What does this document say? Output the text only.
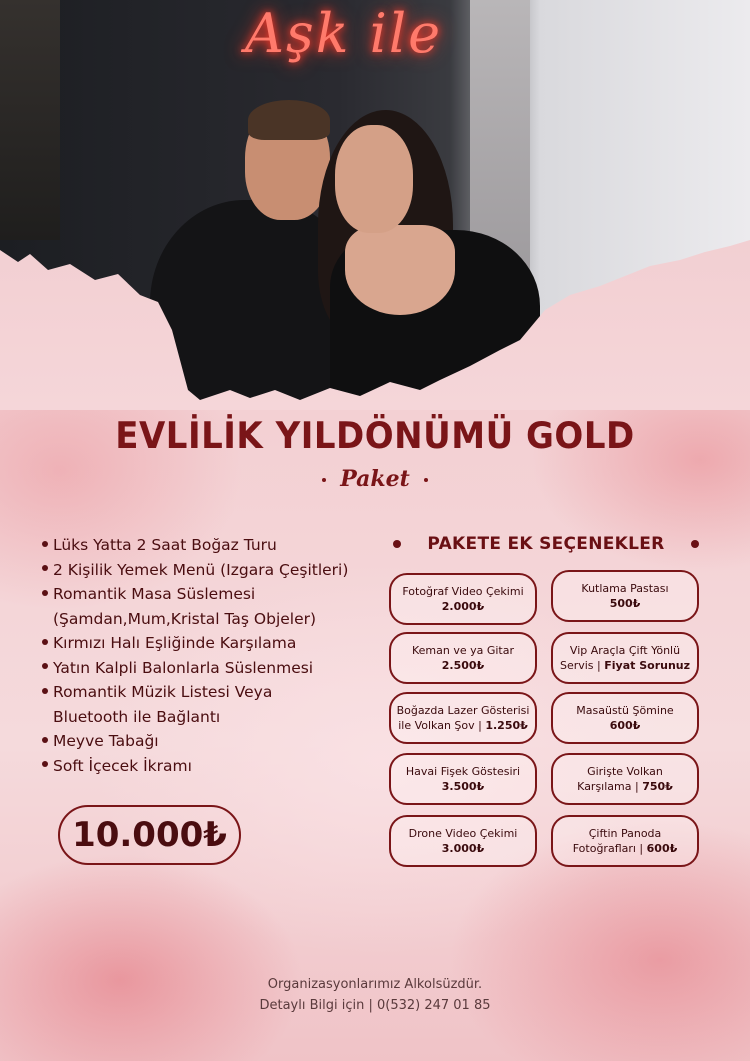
Aşk ile
EVLİLİK YILDÖNÜMÜ GOLD
Paket
Lüks Yatta 2 Saat Boğaz Turu
2 Kişilik Yemek Menü (Izgara Çeşitleri)
Romantik Masa Süslemesi
(Şamdan,Mum,Kristal Taş Objeler)
Kırmızı Halı Eşliğinde Karşılama
Yatın Kalpli Balonlarla Süslenmesi
Romantik Müzik Listesi Veya
Bluetooth ile Bağlantı
Meyve Tabağı
Soft İçecek İkramı
10.000₺
PAKETE EK SEÇENEKLER
Fotoğraf Video Çekimi
2.000₺
Kutlama Pastası
500₺
Keman ve ya Gitar
2.500₺
Vip Araçla Çift Yönlü
Servis | Fiyat Sorunuz
Boğazda Lazer Gösterisi
ile Volkan Şov | 1.250₺
Masaüstü Şömine
600₺
Havai Fişek Göstesiri
3.500₺
Girişte Volkan
Karşılama | 750₺
Drone Video Çekimi
3.000₺
Çiftin Panoda
Fotoğrafları | 600₺
Organizasyonlarımız Alkolsüzdür.
Detaylı Bilgi için | 0(532) 247 01 85
